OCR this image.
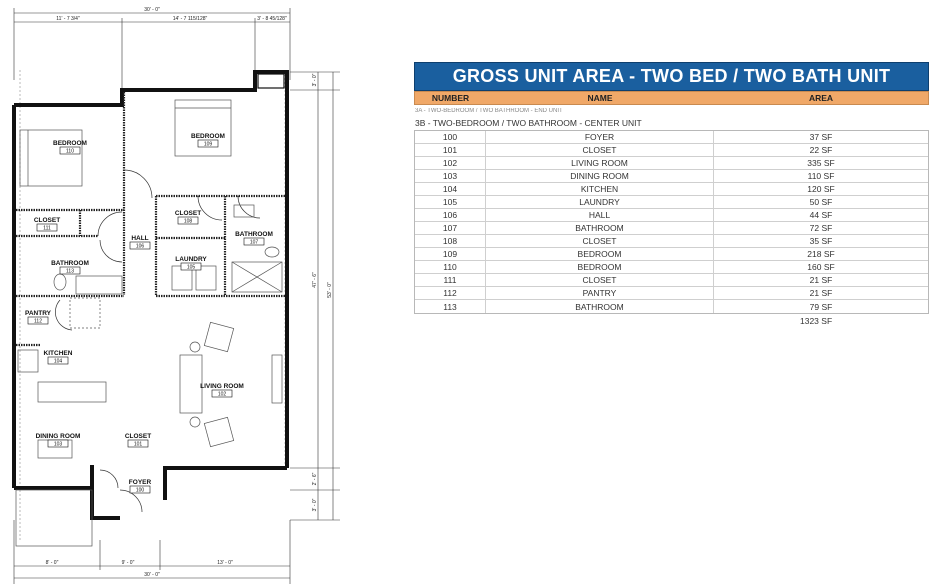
30' - 0"
11' - 7 3/4"	14' - 7 115/128"	3' - 8 45/128"
3' - 0"
47' - 6"
53' - 0"
2' - 6"
3' - 0"
8' - 0"	9' - 0"	13' - 0"
30' - 0"
BEDROOM
110
BEDROOM
109
CLOSET
111
CLOSET
108
HALL
106
BATHROOM
107
BATHROOM
113
LAUNDRY
105
PANTRY
112
KITCHEN
104
LIVING ROOM
102
DINING ROOM
103
CLOSET
101
FOYER
100
GROSS UNIT AREA - TWO BED / TWO BATH UNIT
NUMBER	NAME	AREA
3A - TWO-BEDROOM / TWO BATHROOM - END UNIT
3B - TWO-BEDROOM / TWO BATHROOM - CENTER UNIT
100	FOYER	37 SF
101	CLOSET	22 SF
102	LIVING ROOM	335 SF
103	DINING ROOM	110 SF
104	KITCHEN	120 SF
105	LAUNDRY	50 SF
106	HALL	44 SF
107	BATHROOM	72 SF
108	CLOSET	35 SF
109	BEDROOM	218 SF
110	BEDROOM	160 SF
111	CLOSET	21 SF
112	PANTRY	21 SF
113	BATHROOM	79 SF
1323 SF
